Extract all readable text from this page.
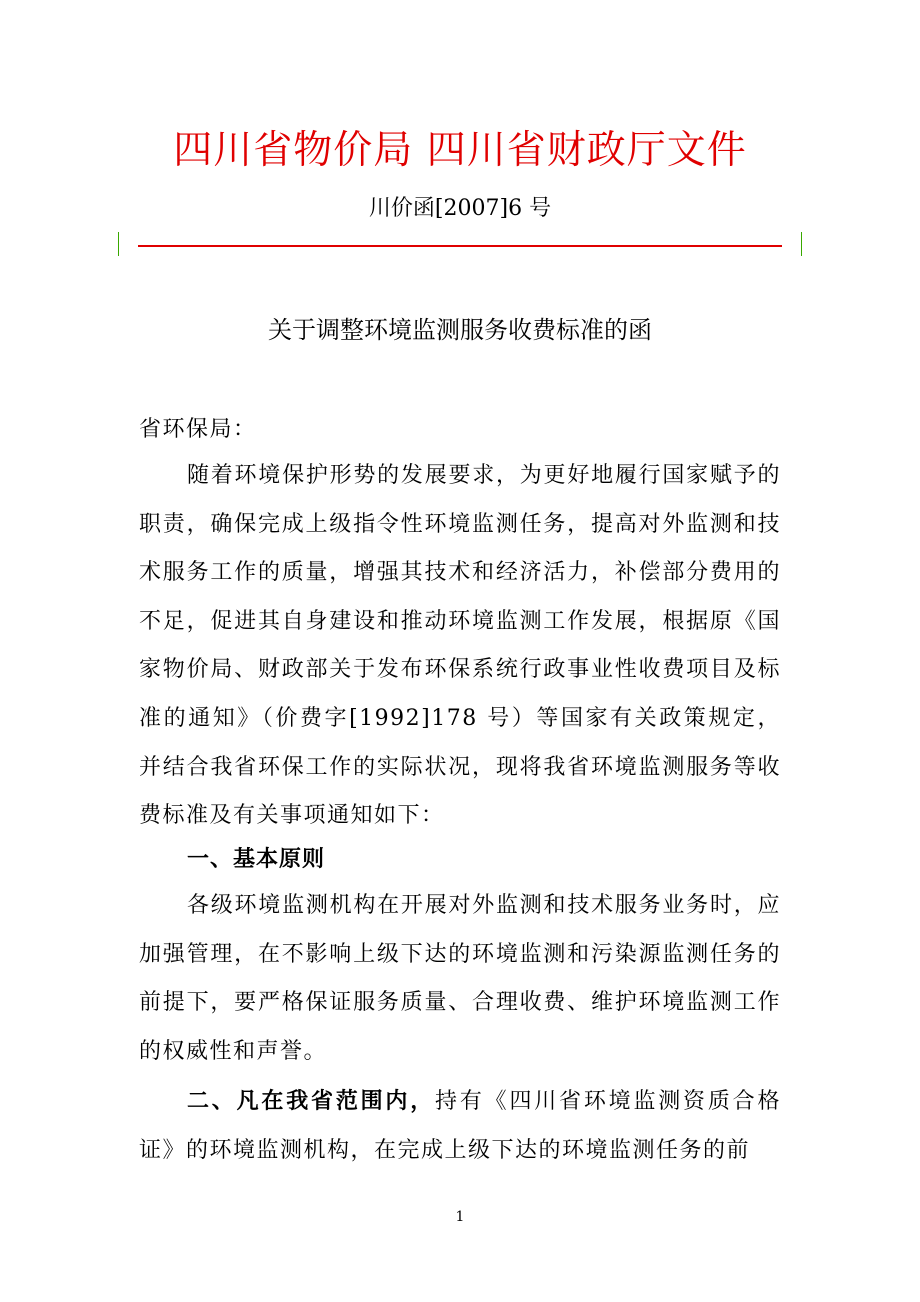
四川省物价局 四川省财政厅文件
川价函[2007]6 号
关于调整环境监测服务收费标准的函
省环保局：
随着环境保护形势的发展要求，为更好地履行国家赋予的职责，确保完成上级指令性环境监测任务，提高对外监测和技术服务工作的质量，增强其技术和经济活力，补偿部分费用的不足，促进其自身建设和推动环境监测工作发展，根据原《国家物价局、财政部关于发布环保系统行政事业性收费项目及标准的通知》（价费字[1992]178 号）等国家有关政策规定，并结合我省环保工作的实际状况，现将我省环境监测服务等收费标准及有关事项通知如下：
一、基本原则
各级环境监测机构在开展对外监测和技术服务业务时，应加强管理，在不影响上级下达的环境监测和污染源监测任务的前提下，要严格保证服务质量、合理收费、维护环境监测工作的权威性和声誉。
二、凡在我省范围内，持有《四川省环境监测资质合格证》的环境监测机构，在完成上级下达的环境监测任务的前
1
